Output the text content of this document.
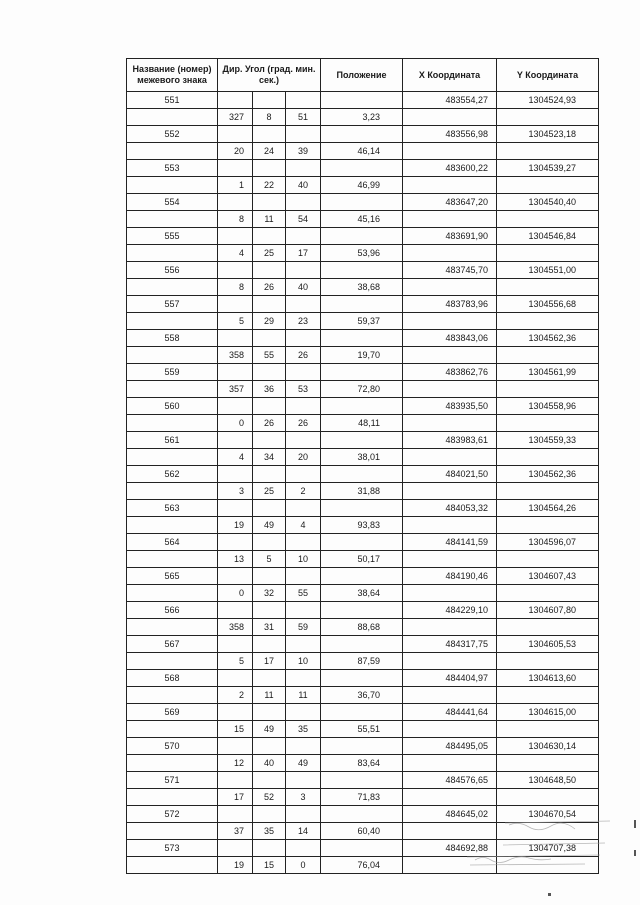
Название (номер) межевого знака	Дир. Угол (град. мин. сек.)			Положение	X Координата	Y Координата
551					483554,27	1304524,93
	327	8	51	3,23		
552					483556,98	1304523,18
	20	24	39	46,14		
553					483600,22	1304539,27
	1	22	40	46,99		
554					483647,20	1304540,40
	8	11	54	45,16		
555					483691,90	1304546,84
	4	25	17	53,96		
556					483745,70	1304551,00
	8	26	40	38,68		
557					483783,96	1304556,68
	5	29	23	59,37		
558					483843,06	1304562,36
	358	55	26	19,70		
559					483862,76	1304561,99
	357	36	53	72,80		
560					483935,50	1304558,96
	0	26	26	48,11		
561					483983,61	1304559,33
	4	34	20	38,01		
562					484021,50	1304562,36
	3	25	2	31,88		
563					484053,32	1304564,26
	19	49	4	93,83		
564					484141,59	1304596,07
	13	5	10	50,17		
565					484190,46	1304607,43
	0	32	55	38,64		
566					484229,10	1304607,80
	358	31	59	88,68		
567					484317,75	1304605,53
	5	17	10	87,59		
568					484404,97	1304613,60
	2	11	11	36,70		
569					484441,64	1304615,00
	15	49	35	55,51		
570					484495,05	1304630,14
	12	40	49	83,64		
571					484576,65	1304648,50
	17	52	3	71,83		
572					484645,02	1304670,54
	37	35	14	60,40		
573					484692,88	1304707,38
	19	15	0	76,04		
